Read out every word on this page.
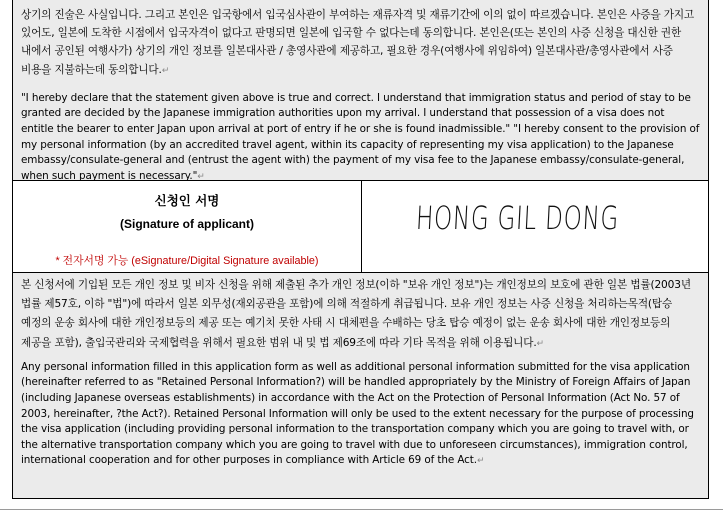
상기의 진술은 사실입니다. 그리고 본인은 입국항에서 입국심사관이 부여하는 재류자격 및 재류기간에 이의 없이 따르겠습니다. 본인은 사증을 가지고 있어도, 일본에 도착한 시점에서 입국자격이 없다고 판명되면 일본에 입국할 수 없다는데 동의합니다. 본인은(또는 본인의 사증 신청을 대신한 권한 내에서 공인된 여행사가) 상기의 개인 정보를 일본대사관 / 총영사관에 제공하고, 필요한 경우(여행사에 위임하여) 일본대사관/총영사관에서 사증 비용을 지불하는데 동의합니다.↵

"I hereby declare that the statement given above is true and correct. I understand that immigration status and period of stay to be granted are decided by the Japanese immigration authorities upon my arrival. I understand that possession of a visa does not entitle the bearer to enter Japan upon arrival at port of entry if he or she is found inadmissible." "I hereby consent to the provision of my personal information (by an accredited travel agent, within its capacity of representing my visa application) to the Japanese embassy/consulate-general and (entrust the agent with) the payment of my visa fee to the Japanese embassy/consulate-general, when such payment is necessary."↵

신청인 서명
(Signature of applicant)
* 전자서명 가능 (eSignature/Digital Signature available)
HONG GIL DONG

본 신청서에 기입된 모든 개인 정보 및 비자 신청을 위해 제출된 추가 개인 정보(이하 "보유 개인 정보")는 개인정보의 보호에 관한 일본 법률(2003년 법률 제57호, 이하 "법")에 따라서 일본 외무성(재외공관을 포함)에 의해 적절하게 취급됩니다. 보유 개인 정보는 사증 신청을 처리하는목적(탑승 예정의 운송 회사에 대한 개인정보등의 제공 또는 예기치 못한 사태 시 대체편을 수배하는 당초 탑승 예정이 없는 운송 회사에 대한 개인정보등의 제공을 포함), 출입국관리와 국제협력을 위해서 필요한 범위 내 및 법 제69조에 따라 기타 목적을 위해 이용됩니다.↵

Any personal information filled in this application form as well as additional personal information submitted for the visa application (hereinafter referred to as "Retained Personal Information?) will be handled appropriately by the Ministry of Foreign Affairs of Japan (including Japanese overseas establishments) in accordance with the Act on the Protection of Personal Information (Act No. 57 of 2003, hereinafter, ?the Act?). Retained Personal Information will only be used to the extent necessary for the purpose of processing the visa application (including providing personal information to the transportation company which you are going to travel with, or the alternative transportation company which you are going to travel with due to unforeseen circumstances), immigration control, international cooperation and for other purposes in compliance with Article 69 of the Act.↵
